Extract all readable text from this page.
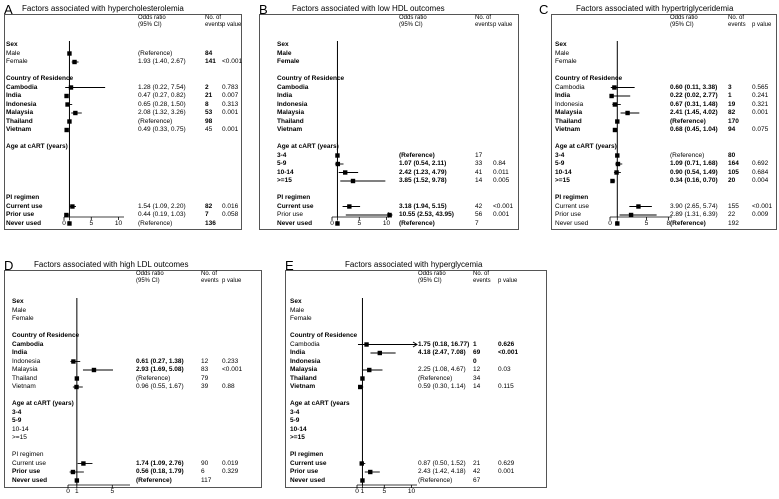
A Factors associated with hypercholesterolemia
Odds ratio
(95% CI)
No. of
events p value
0 1	5	10
Sex
Male	(Reference)	84
Female	1.93 (1.40, 2.67)	141 <0.001
Country of Residence
Cambodia	1.28 (0.22, 7.54)	2 0.783
India	0.47 (0.27, 0.82)	21 0.007
Indonesia	0.65 (0.28, 1.50)	8 0.313
Malaysia	2.08 (1.32, 3.26)	53 0.001
Thailand	(Reference)	98
Vietnam	0.49 (0.33, 0.75)	45 0.001
Age at cART (years)
PI regimen
Current use	1.54 (1.09, 2.20)	82 0.016
Prior use	0.44 (0.19, 1.03)	7 0.058
Never used	(Reference)	136
B	Factors associated with low HDL outcomes
Odds ratio
(95% CI)
No. of
events p value
0 1	5	10
Sex
Male
Female
Country of Residence
Cambodia
India
Indonesia
Malaysia
Thailand
Vietnam
Age at cART (years)
3-4	(Reference)	17
5-9	1.07 (0.54, 2.11)	33 0.84
10-14	2.42 (1.23, 4.79)	41 0.011
>=15	3.85 (1.52, 9.78)	14 0.005
PI regimen
Current use	3.18 (1.94, 5.15)	42 <0.001
Prior use	10.55 (2.53, 43.95)	56 0.001
Never used	(Reference)	7
C	Factors associated with hypertriglyceridemia
Odds ratio
(95% CI)
No. of
events p value
0 1	5	8
Sex
Male
Female
Country of Residence
Cambodia	0.60 (0.11, 3.38) 3	0.565
India	0.22 (0.02, 2.77) 1	0.241
Indonesia	0.67 (0.31, 1.48) 19	0.321
Malaysia	2.41 (1.45, 4.02) 82	0.001
Thailand	(Reference)	170
Vietnam	0.68 (0.45, 1.04) 94	0.075
Age at cART (years)
3-4	(Reference)	80
5-9	1.09 (0.71, 1.68) 164 0.692
10-14	0.90 (0.54, 1.49) 105 0.684
>=15	0.34 (0.16, 0.70) 20	0.004
PI regimen
Current use	3.90 (2.65, 5.74) 155 <0.001
Prior use	2.89 (1.31, 6.39) 22	0.009
Never used	(Reference)	192
D	Factors associated with high LDL outcomes
Odds ratio
(95% CI)
No. of
events p value
0 1	5
Sex
Male
Female
Country of Residence
Cambodia
India
Indonesia	0.61 (0.27, 1.38)	12 0.233
Malaysia	2.93 (1.69, 5.08)	83 <0.001
Thailand	(Reference)	79
Vietnam	0.96 (0.55, 1.67)	39 0.88
Age at cART (years)
3-4
5-9
10-14
>=15
PI regimen
Current use	1.74 (1.09, 2.76)	90 0.019
Prior use	0.56 (0.18, 1.79)	6	0.329
Never used	(Reference)	117
E	Factors associated with hyperglycemia
Odds ratio
(95% CI)
No. of
events p value
0 1	5	10
Sex
Male
Female
Country of Residence
Cambodia	1.75 (0.18, 16.77) 1	0.626
India	4.18 (2.47, 7.08) 69	<0.001
Indonesia	0
Malaysia	2.25 (1.08, 4.67) 12	0.03
Thailand	(Reference)	34
Vietnam	0.59 (0.30, 1.14) 14	0.115
Age at cART (years
3-4
5-9
10-14
>=15
PI regimen
Current use	0.87 (0.50, 1.52) 21	0.629
Prior use	2.43 (1.42, 4.18) 42	0.001
Never used	(Reference)	67
